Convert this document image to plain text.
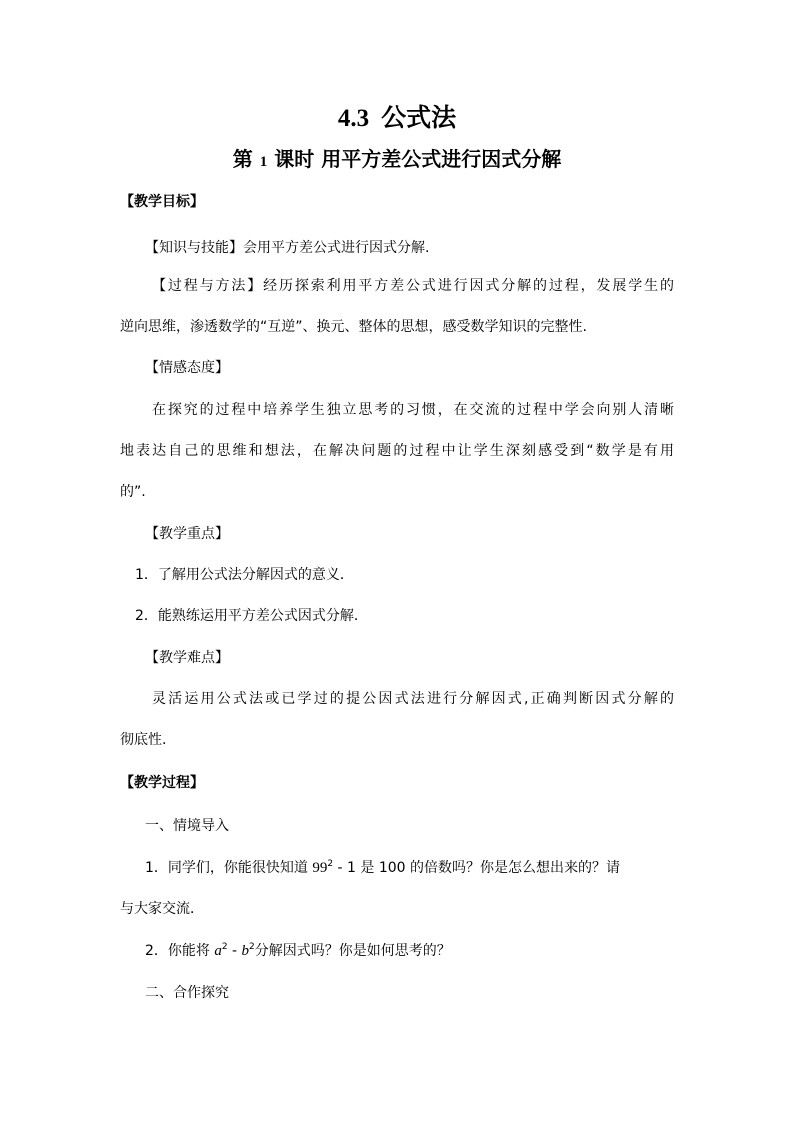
4.3 公式法
第 1 课时 用平方差公式进行因式分解
【教学目标】
【知识与技能】会用平方差公式进行因式分解.
【过程与方法】经历探索利用平方差公式进行因式分解的过程，发展学生的
逆向思维，渗透数学的“互逆”、换元、整体的思想，感受数学知识的完整性.
【情感态度】
在探究的过程中培养学生独立思考的习惯，在交流的过程中学会向别人清晰
地表达自己的思维和想法，在解决问题的过程中让学生深刻感受到“数学是有用
的”.
【教学重点】
1．了解用公式法分解因式的意义．
2．能熟练运用平方差公式因式分解．
【教学难点】
灵活运用公式法或已学过的提公因式法进行分解因式,正确判断因式分解的
彻底性.
【教学过程】
一、情境导入
1．同学们，你能很快知道 $99^2 - 1$ 是 100 的倍数吗？你是怎么想出来的？请
与大家交流．
2．你能将 $a^2 - b^2$分解因式吗？你是如何思考的？
二、合作探究
